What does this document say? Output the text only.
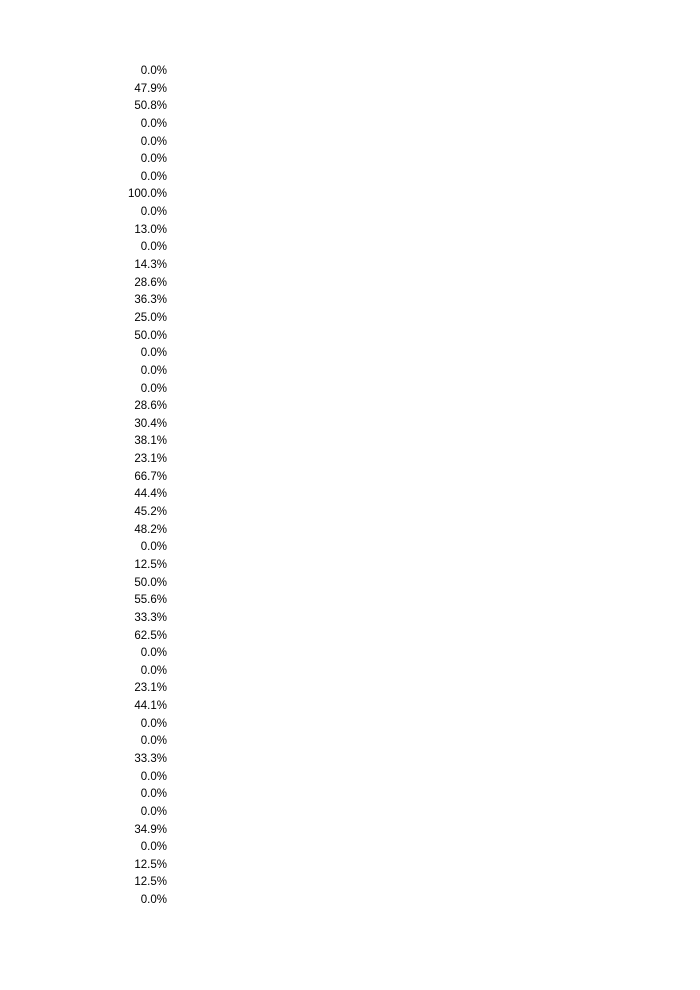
0.0%
47.9%
50.8%
0.0%
0.0%
0.0%
0.0%
100.0%
0.0%
13.0%
0.0%
14.3%
28.6%
36.3%
25.0%
50.0%
0.0%
0.0%
0.0%
28.6%
30.4%
38.1%
23.1%
66.7%
44.4%
45.2%
48.2%
0.0%
12.5%
50.0%
55.6%
33.3%
62.5%
0.0%
0.0%
23.1%
44.1%
0.0%
0.0%
33.3%
0.0%
0.0%
0.0%
34.9%
0.0%
12.5%
12.5%
0.0%
